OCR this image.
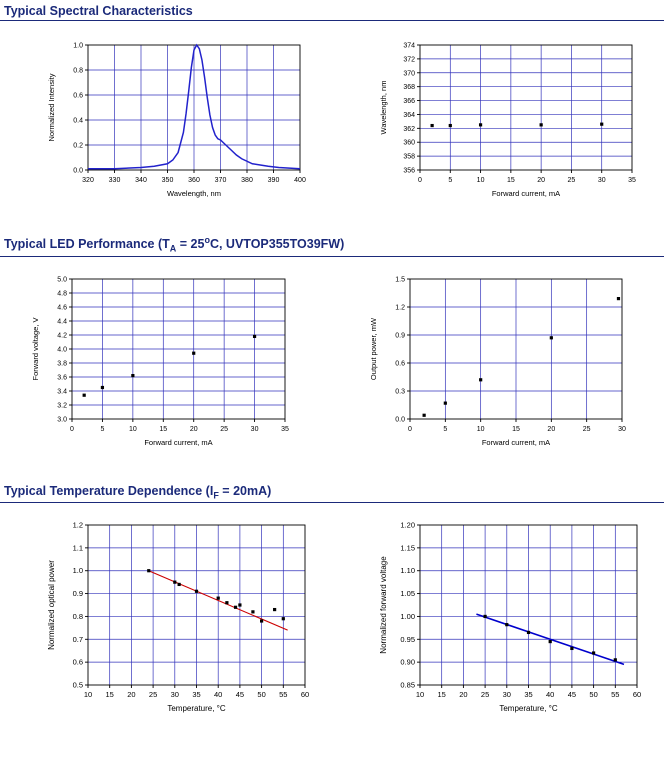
Typical Spectral Characteristics
320 330 340 350 360 370 380 390 400
0.0
0.2
0.4
0.6
0.8
1.0
Wavelength, nm
Normalized Intensity
0	5	10	15	20	25	30	35
356
358
360
362
364
366
368
370
372
374
Forward current, mA
Wavelength, nm
Typical LED Performance ($T_A = 25^oC$, UVTOP355TO39FW)
0	5	10	15	20	25	30	35
3.0
3.2
3.4
3.6
3.8
4.0
4.2
4.4
4.6
4.8
5.0
Forward current, mA
Forward voltage, V
0	5	10	15	20	25	30
0.0
0.3
0.6
0.9
1.2
1.5
Forward current, mA
Output power, mW
Typical Temperature Dependence $(I_F = 20mA)$
10 15 20 25 30 35 40 45 50 55 60
0.5
0.6
0.7
0.8
0.9
1.0
1.1
1.2
Temperature, °C
Normalized optical power
10 15 20 25 30 35 40 45 50 55 60
0.85
0.90
0.95
1.00
1.05
1.10
1.15
1.20
Temperature, °C
Normalized forward voltage
